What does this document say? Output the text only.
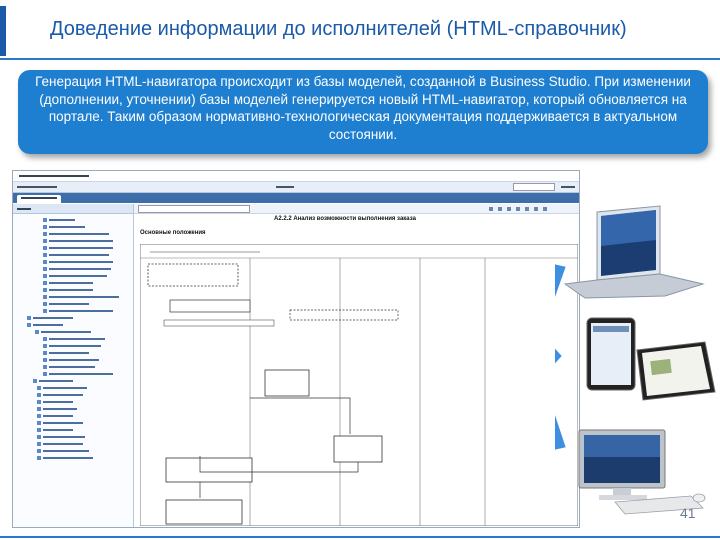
Доведение информации до исполнителей (HTML-справочник)

Генерация HTML-навигатора происходит из базы моделей, созданной в Business Studio. При изменении (дополнении, уточнении) базы моделей генерируется новый HTML-навигатор, который обновляется на портале. Таким образом нормативно-технологическая документация поддерживается в актуальном состоянии.

А2.2.2 Анализ возможности выполнения заказа
Основные положения
41
